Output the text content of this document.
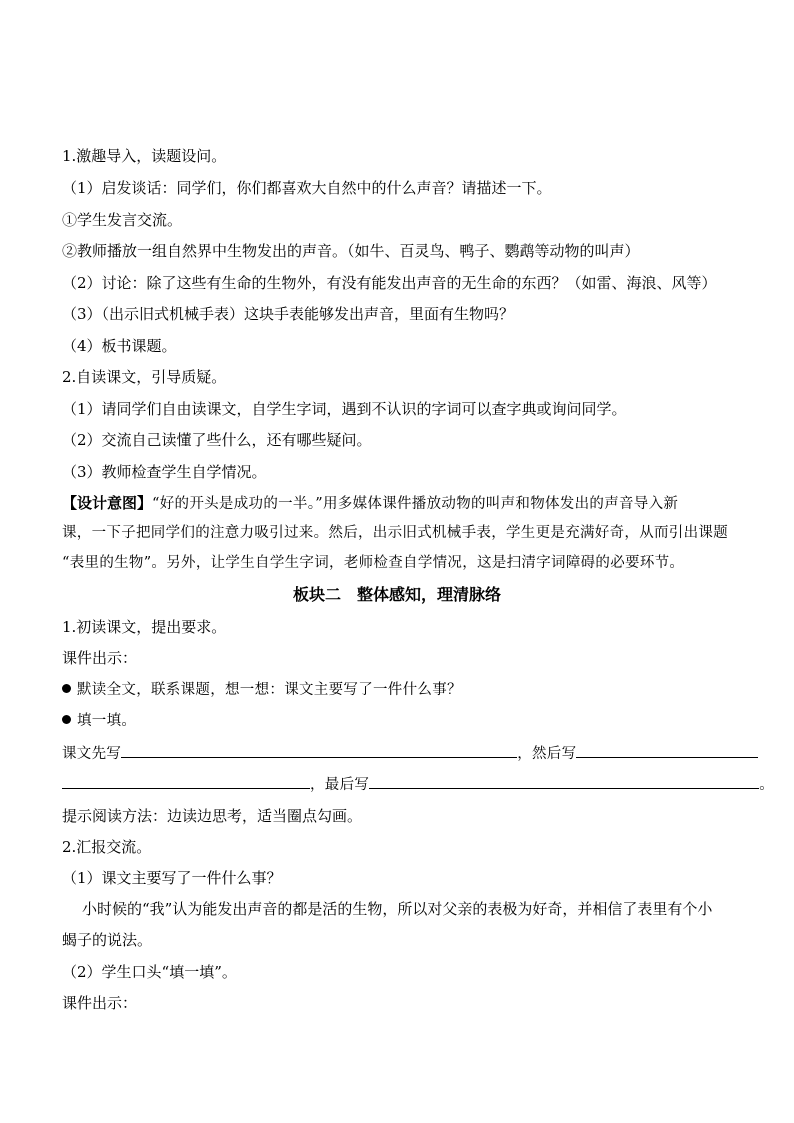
1.激趣导入，读题设问。
（1）启发谈话：同学们，你们都喜欢大自然中的什么声音？请描述一下。
①学生发言交流。
②教师播放一组自然界中生物发出的声音。（如牛、百灵鸟、鸭子、鹦鹉等动物的叫声）
（2）讨论：除了这些有生命的生物外，有没有能发出声音的无生命的东西？（如雷、海浪、风等）
（3）（出示旧式机械手表）这块手表能够发出声音，里面有生物吗？
（4）板书课题。
2.自读课文，引导质疑。
（1）请同学们自由读课文，自学生字词，遇到不认识的字词可以查字典或询问同学。
（2）交流自己读懂了些什么，还有哪些疑问。
（3）教师检查学生自学情况。
【设计意图】“好的开头是成功的一半。”用多媒体课件播放动物的叫声和物体发出的声音导入新
课，一下子把同学们的注意力吸引过来。然后，出示旧式机械手表，学生更是充满好奇，从而引出课题
“表里的生物”。另外，让学生自学生字词，老师检查自学情况，这是扫清字词障碍的必要环节。
板块二　整体感知，理清脉络
1.初读课文，提出要求。
课件出示：
默读全文，联系课题，想一想：课文主要写了一件什么事？
填一填。
课文先写	，然后写
，最后写	。
提示阅读方法：边读边思考，适当圈点勾画。
2.汇报交流。
（1）课文主要写了一件什么事？
小时候的“我”认为能发出声音的都是活的生物，所以对父亲的表极为好奇，并相信了表里有个小
蝎子的说法。
（2）学生口头“填一填”。
课件出示：
